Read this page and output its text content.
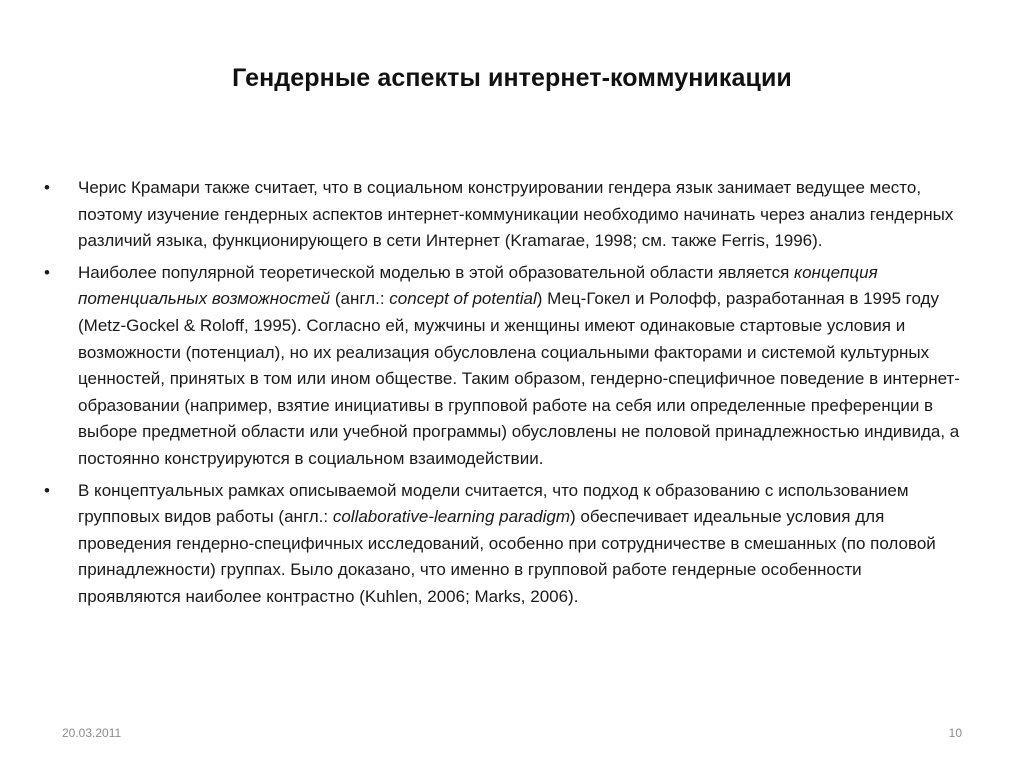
Гендерные аспекты интернет-коммуникации
• Черис Крамари также считает, что в социальном конструировании гендера язык занимает ведущее место, поэтому изучение гендерных аспектов интернет-коммуникации необходимо начинать через анализ гендерных различий языка, функционирующего в сети Интернет (Kramarae, 1998; см. также Ferris, 1996).
• Наиболее популярной теоретической моделью в этой образовательной области является концепция потенциальных возможностей (англ.: concept of potential) Мец-Гокел и Ролофф, разработанная в 1995 году (Metz-Gockel & Roloff, 1995). Согласно ей, мужчины и женщины имеют одинаковые стартовые условия и возможности (потенциал), но их реализация обусловлена социальными факторами и системой культурных ценностей, принятых в том или ином обществе. Таким образом, гендерно-специфичное поведение в интернет-образовании (например, взятие инициативы в групповой работе на себя или определенные преференции в выборе предметной области или учебной программы) обусловлены не половой принадлежностью индивида, а постоянно конструируются в социальном взаимодействии.
• В концептуальных рамках описываемой модели считается, что подход к образованию с использованием групповых видов работы (англ.: collaborative-learning paradigm) обеспечивает идеальные условия для проведения гендерно-специфичных исследований, особенно при сотрудничестве в смешанных (по половой принадлежности) группах. Было доказано, что именно в групповой работе гендерные особенности проявляются наиболее контрастно (Kuhlen, 2006; Marks, 2006).
20.03.2011	10
